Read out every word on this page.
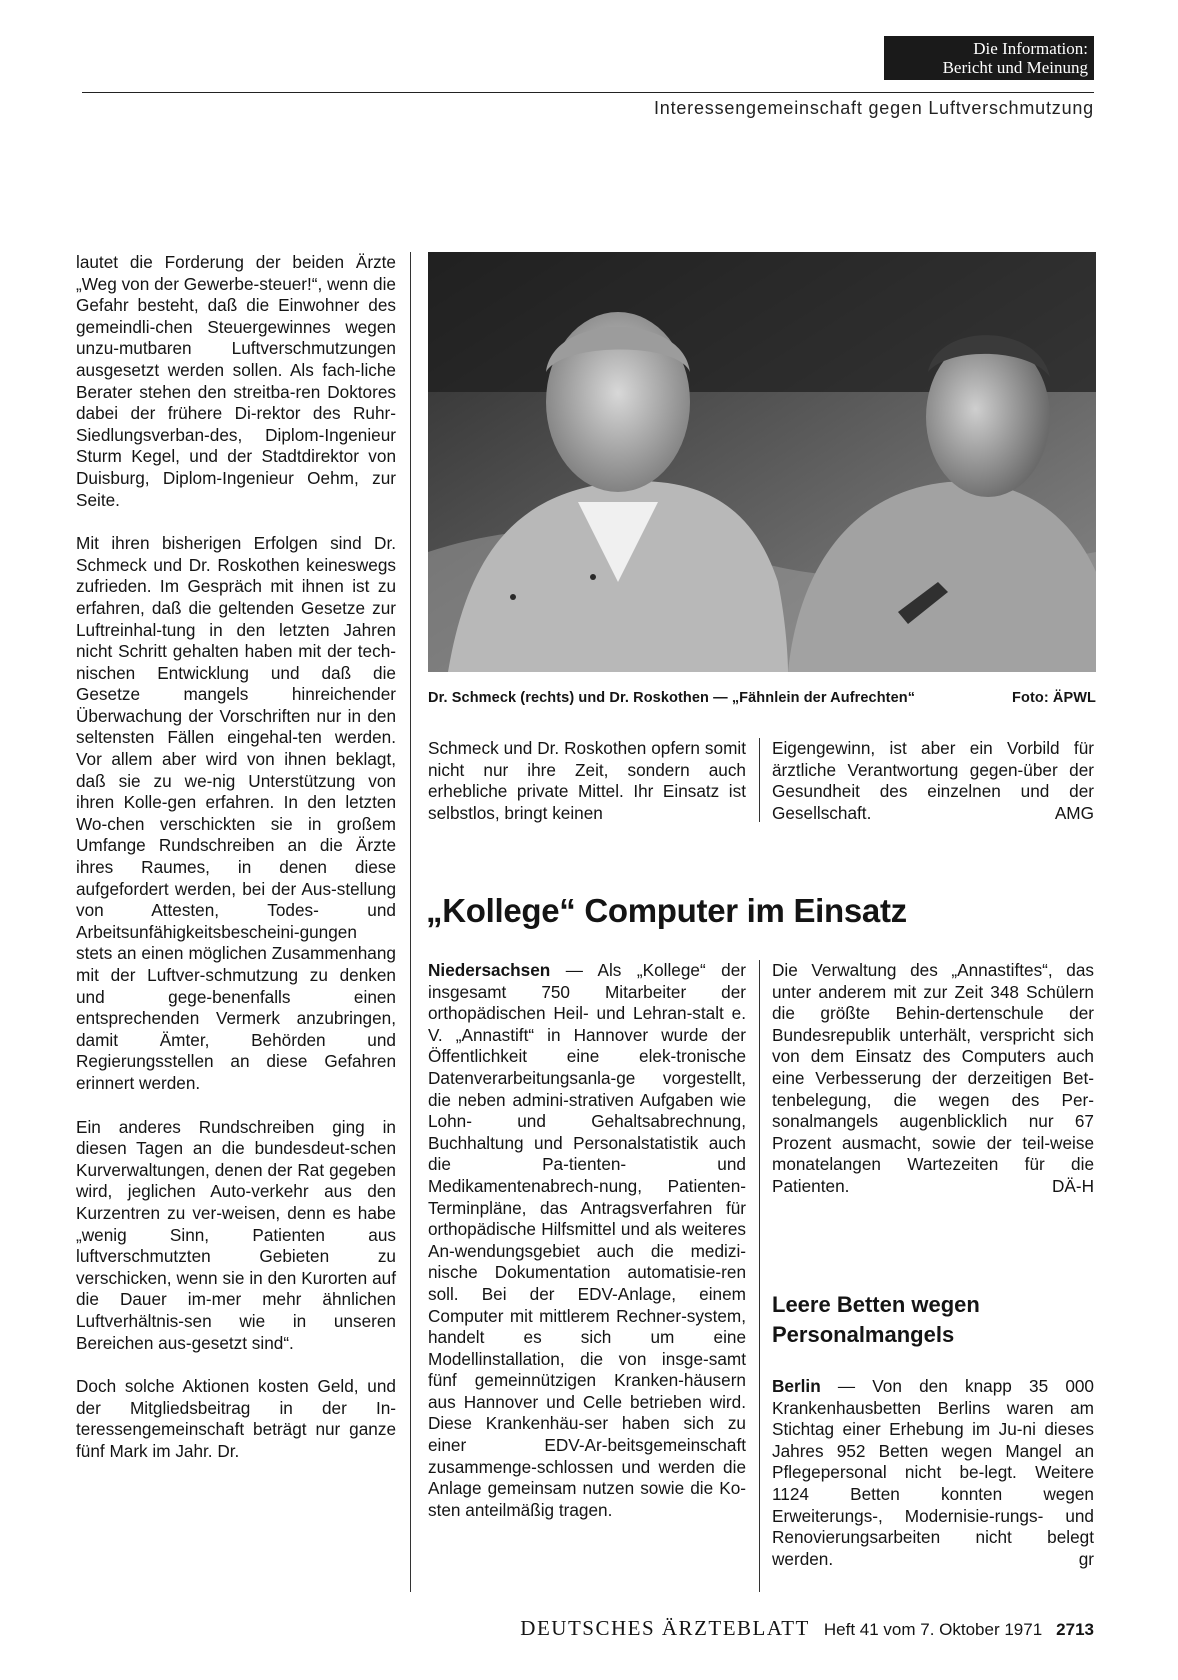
Die Information:
Bericht und Meinung
Interessengemeinschaft gegen Luftverschmutzung

lautet die Forderung der beiden Ärzte „Weg von der Gewerbe-steuer!“, wenn die Gefahr besteht, daß die Einwohner des gemeindli-chen Steuergewinnes wegen unzu-mutbaren Luftverschmutzungen ausgesetzt werden sollen. Als fach-liche Berater stehen den streitba-ren Doktores dabei der frühere Di-rektor des Ruhr-Siedlungsverban-des, Diplom-Ingenieur Sturm Kegel, und der Stadtdirektor von Duisburg, Diplom-Ingenieur Oehm, zur Seite.

Mit ihren bisherigen Erfolgen sind Dr. Schmeck und Dr. Roskothen keineswegs zufrieden. Im Gespräch mit ihnen ist zu erfahren, daß die geltenden Gesetze zur Luftreinhal-tung in den letzten Jahren nicht Schritt gehalten haben mit der tech-nischen Entwicklung und daß die Gesetze mangels hinreichender Überwachung der Vorschriften nur in den seltensten Fällen eingehal-ten werden. Vor allem aber wird von ihnen beklagt, daß sie zu we-nig Unterstützung von ihren Kolle-gen erfahren. In den letzten Wo-chen verschickten sie in großem Umfange Rundschreiben an die Ärzte ihres Raumes, in denen diese aufgefordert werden, bei der Aus-stellung von Attesten, Todes- und Arbeitsunfähigkeitsbescheini-gungen stets an einen möglichen Zusammenhang mit der Luftver-schmutzung zu denken und gege-benenfalls einen entsprechenden Vermerk anzubringen, damit Ämter, Behörden und Regierungsstellen an diese Gefahren erinnert werden.

Ein anderes Rundschreiben ging in diesen Tagen an die bundesdeut-schen Kurverwaltungen, denen der Rat gegeben wird, jeglichen Auto-verkehr aus den Kurzentren zu ver-weisen, denn es habe „wenig Sinn, Patienten aus luftverschmutzten Gebieten zu verschicken, wenn sie in den Kurorten auf die Dauer im-mer mehr ähnlichen Luftverhältnis-sen wie in unseren Bereichen aus-gesetzt sind“.

Doch solche Aktionen kosten Geld, und der Mitgliedsbeitrag in der In-teressengemeinschaft beträgt nur ganze fünf Mark im Jahr. Dr.

Dr. Schmeck (rechts) und Dr. Roskothen — „Fähnlein der Aufrechten“	Foto: ÄPWL

Schmeck und Dr. Roskothen opfern somit nicht nur ihre Zeit, sondern auch erhebliche private Mittel. Ihr Einsatz ist selbstlos, bringt keinen

Eigengewinn, ist aber ein Vorbild für ärztliche Verantwortung gegen-über der Gesundheit des einzelnen und der Gesellschaft.	AMG

„Kollege“ Computer im Einsatz

Niedersachsen — Als „Kollege“ der insgesamt 750 Mitarbeiter der orthopädischen Heil- und Lehran-stalt e. V. „Annastift“ in Hannover wurde der Öffentlichkeit eine elek-tronische Datenverarbeitungsanla-ge vorgestellt, die neben admini-strativen Aufgaben wie Lohn- und Gehaltsabrechnung, Buchhaltung und Personalstatistik auch die Pa-tienten- und Medikamentenabrech-nung, Patienten-Terminpläne, das Antragsverfahren für orthopädische Hilfsmittel und als weiteres An-wendungsgebiet auch die medizi-nische Dokumentation automatisie-ren soll. Bei der EDV-Anlage, einem Computer mit mittlerem Rechner-system, handelt es sich um eine Modellinstallation, die von insge-samt fünf gemeinnützigen Kranken-häusern aus Hannover und Celle betrieben wird. Diese Krankenhäu-ser haben sich zu einer EDV-Ar-beitsgemeinschaft zusammenge-schlossen und werden die Anlage gemeinsam nutzen sowie die Ko-sten anteilmäßig tragen.

Die Verwaltung des „Annastiftes“, das unter anderem mit zur Zeit 348 Schülern die größte Behin-dertenschule der Bundesrepublik unterhält, verspricht sich von dem Einsatz des Computers auch eine Verbesserung der derzeitigen Bet-tenbelegung, die wegen des Per-sonalmangels augenblicklich nur 67 Prozent ausmacht, sowie der teil-weise monatelangen Wartezeiten für die Patienten.	DÄ-H

Leere Betten wegen Personalmangels

Berlin — Von den knapp 35 000 Krankenhausbetten Berlins waren am Stichtag einer Erhebung im Ju-ni dieses Jahres 952 Betten wegen Mangel an Pflegepersonal nicht be-legt. Weitere 1124 Betten konnten wegen Erweiterungs-, Modernisie-rungs- und Renovierungsarbeiten nicht belegt werden.	gr

DEUTSCHES ÄRZTEBLATT Heft 41 vom 7. Oktober 1971 2713
